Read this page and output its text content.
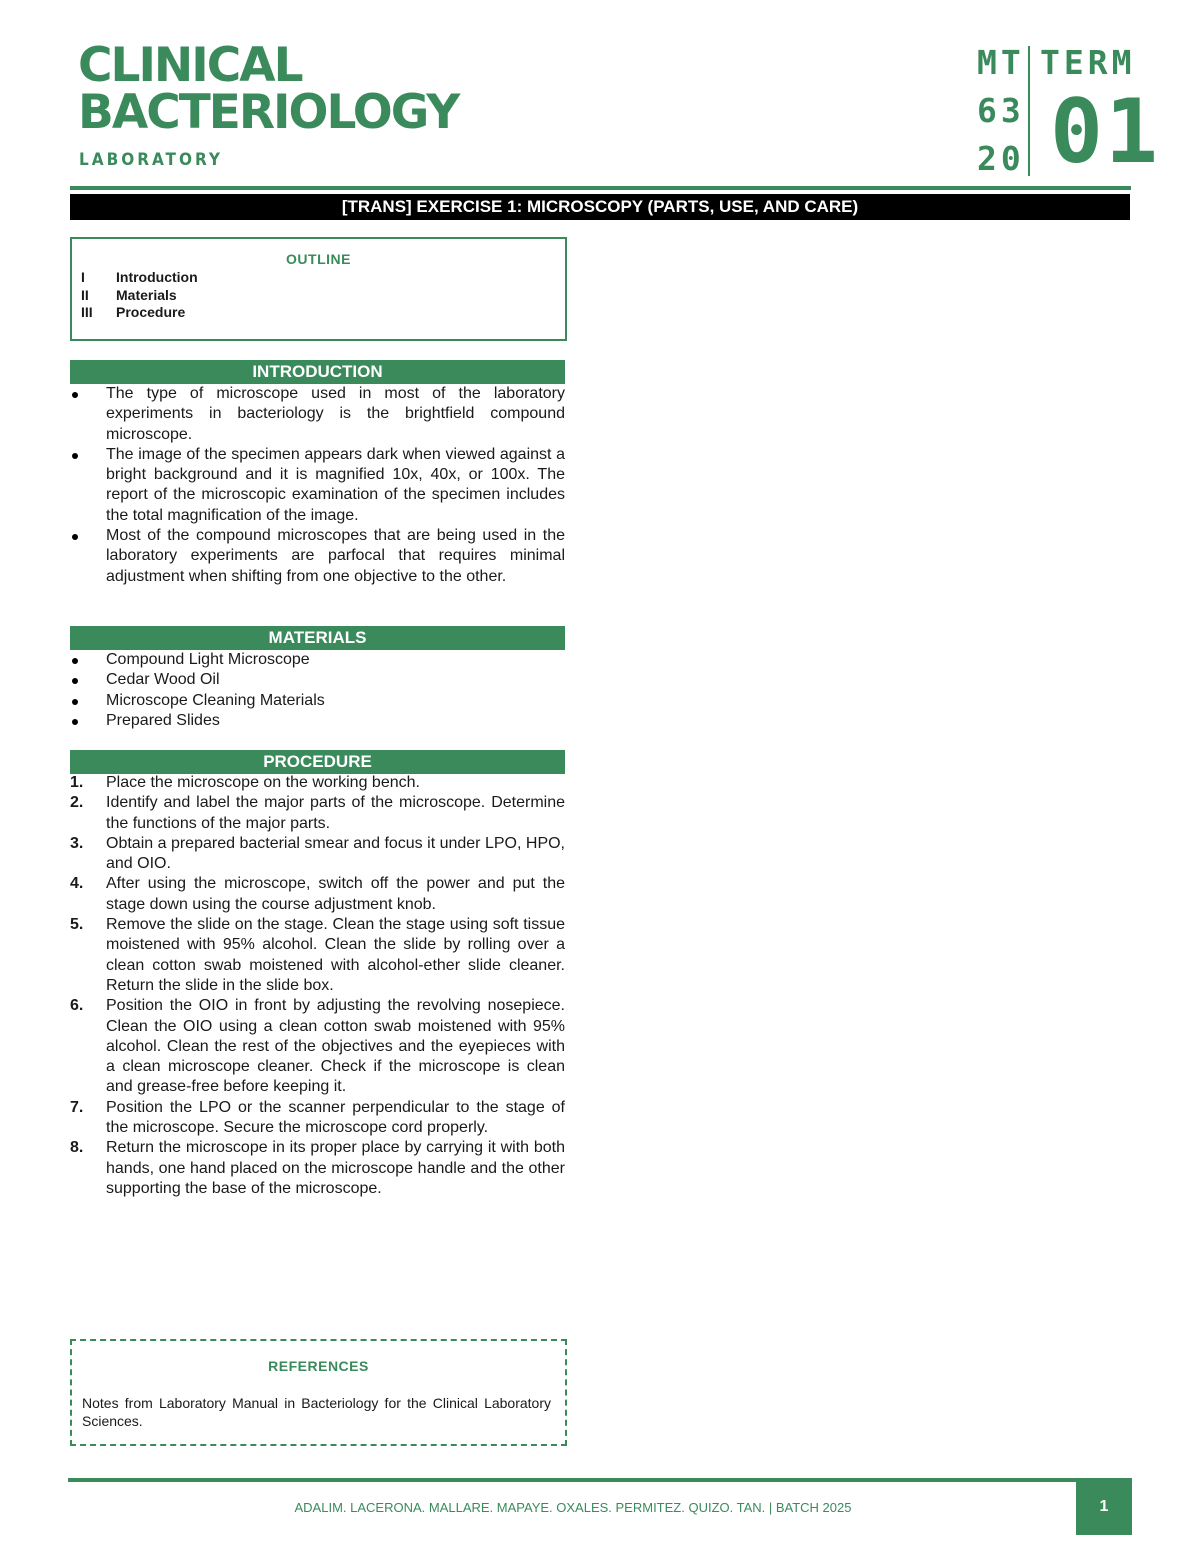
CLINICAL
BACTERIOLOGY
LABORATORY
MT
63
20
TERM
01
[TRANS] EXERCISE 1: MICROSCOPY (PARTS, USE, AND CARE)
OUTLINE
I Introduction
II Materials
III Procedure
INTRODUCTION
The type of microscope used in most of the laboratory experiments in bacteriology is the brightfield compound microscope.
The image of the specimen appears dark when viewed against a bright background and it is magnified 10x, 40x, or 100x. The report of the microscopic examination of the specimen includes the total magnification of the image.
Most of the compound microscopes that are being used in the laboratory experiments are parfocal that requires minimal adjustment when shifting from one objective to the other.
MATERIALS
Compound Light Microscope
Cedar Wood Oil
Microscope Cleaning Materials
Prepared Slides
PROCEDURE
1. Place the microscope on the working bench.
2. Identify and label the major parts of the microscope. Determine the functions of the major parts.
3. Obtain a prepared bacterial smear and focus it under LPO, HPO, and OIO.
4. After using the microscope, switch off the power and put the stage down using the course adjustment knob.
5. Remove the slide on the stage. Clean the stage using soft tissue moistened with 95% alcohol. Clean the slide by rolling over a clean cotton swab moistened with alcohol-ether slide cleaner. Return the slide in the slide box.
6. Position the OIO in front by adjusting the revolving nosepiece. Clean the OIO using a clean cotton swab moistened with 95% alcohol. Clean the rest of the objectives and the eyepieces with a clean microscope cleaner. Check if the microscope is clean and grease-free before keeping it.
7. Position the LPO or the scanner perpendicular to the stage of the microscope. Secure the microscope cord properly.
8. Return the microscope in its proper place by carrying it with both hands, one hand placed on the microscope handle and the other supporting the base of the microscope.
REFERENCES
Notes from Laboratory Manual in Bacteriology for the Clinical Laboratory Sciences.
ADALIM. LACERONA. MALLARE. MAPAYE. OXALES. PERMITEZ. QUIZO. TAN. | BATCH 2025	1
